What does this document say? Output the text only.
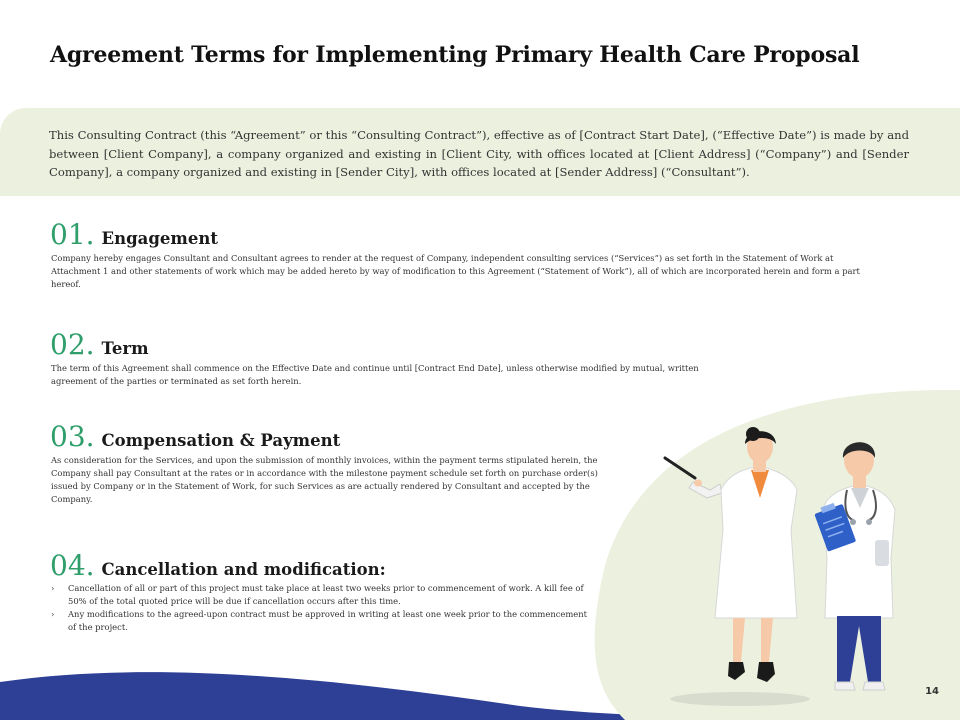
Agreement Terms for Implementing Primary Health Care Proposal

This Consulting Contract (this “Agreement” or this “Consulting Contract”), effective as of [Contract Start Date], (“Effective Date”) is made by and between [Client Company], a company organized and existing in [Client City, with offices located at [Client Address] (“Company”) and [Sender Company], a company organized and existing in [Sender City], with offices located at [Sender Address] (“Consultant”).

01. Engagement

Company hereby engages Consultant and Consultant agrees to render at the request of Company, independent consulting services (“Services”) as set forth in the Statement of Work at Attachment 1 and other statements of work which may be added hereto by way of modification to this Agreement (“Statement of Work”), all of which are incorporated herein and form a part hereof.

02. Term

The term of this Agreement shall commence on the Effective Date and continue until [Contract End Date], unless otherwise modified by mutual, written agreement of the parties or terminated as set forth herein.

03. Compensation & Payment

As consideration for the Services, and upon the submission of monthly invoices, within the payment terms stipulated herein, the Company shall pay Consultant at the rates or in accordance with the milestone payment schedule set forth on purchase order(s) issued by Company or in the Statement of Work, for such Services as are actually rendered by Consultant and accepted by the Company.

04. Cancellation and modification:
› Cancellation of all or part of this project must take place at least two weeks prior to commencement of work. A kill fee of 50% of the total quoted price will be due if cancellation occurs after this time.
› Any modifications to the agreed-upon contract must be approved in writing at least one week prior to the commencement of the project.
14
